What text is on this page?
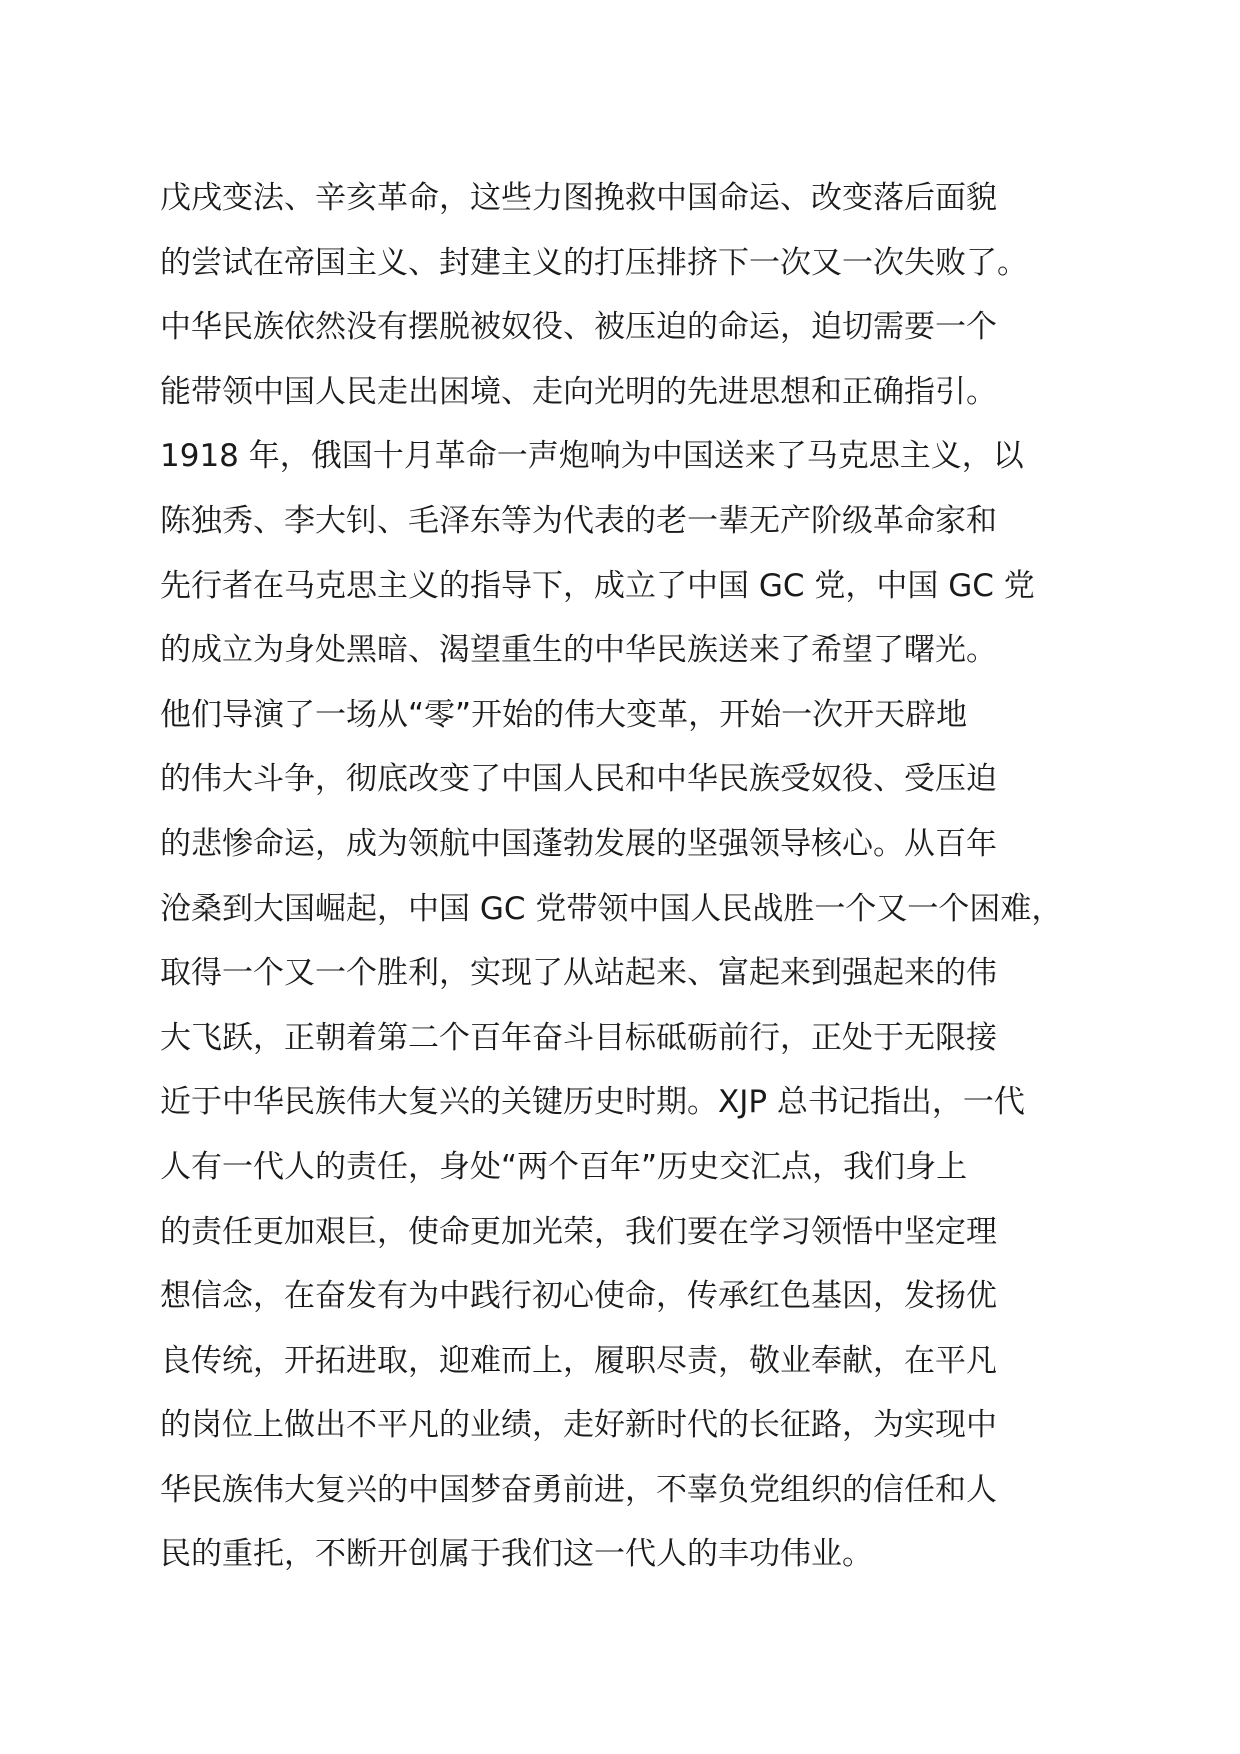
戊戌变法、辛亥革命，这些力图挽救中国命运、改变落后面貌
的尝试在帝国主义、封建主义的打压排挤下一次又一次失败了。
中华民族依然没有摆脱被奴役、被压迫的命运，迫切需要一个
能带领中国人民走出困境、走向光明的先进思想和正确指引。
1918 年，俄国十月革命一声炮响为中国送来了马克思主义，以
陈独秀、李大钊、毛泽东等为代表的老一辈无产阶级革命家和
先行者在马克思主义的指导下，成立了中国 GC 党，中国 GC 党
的成立为身处黑暗、渴望重生的中华民族送来了希望了曙光。
他们导演了一场从“零”开始的伟大变革，开始一次开天辟地
的伟大斗争，彻底改变了中国人民和中华民族受奴役、受压迫
的悲惨命运，成为领航中国蓬勃发展的坚强领导核心。从百年
沧桑到大国崛起，中国 GC 党带领中国人民战胜一个又一个困难，
取得一个又一个胜利，实现了从站起来、富起来到强起来的伟
大飞跃，正朝着第二个百年奋斗目标砥砺前行，正处于无限接
近于中华民族伟大复兴的关键历史时期。XJP 总书记指出，一代
人有一代人的责任，身处“两个百年”历史交汇点，我们身上
的责任更加艰巨，使命更加光荣，我们要在学习领悟中坚定理
想信念，在奋发有为中践行初心使命，传承红色基因，发扬优
良传统，开拓进取，迎难而上，履职尽责，敬业奉献，在平凡
的岗位上做出不平凡的业绩，走好新时代的长征路，为实现中
华民族伟大复兴的中国梦奋勇前进，不辜负党组织的信任和人
民的重托，不断开创属于我们这一代人的丰功伟业。
